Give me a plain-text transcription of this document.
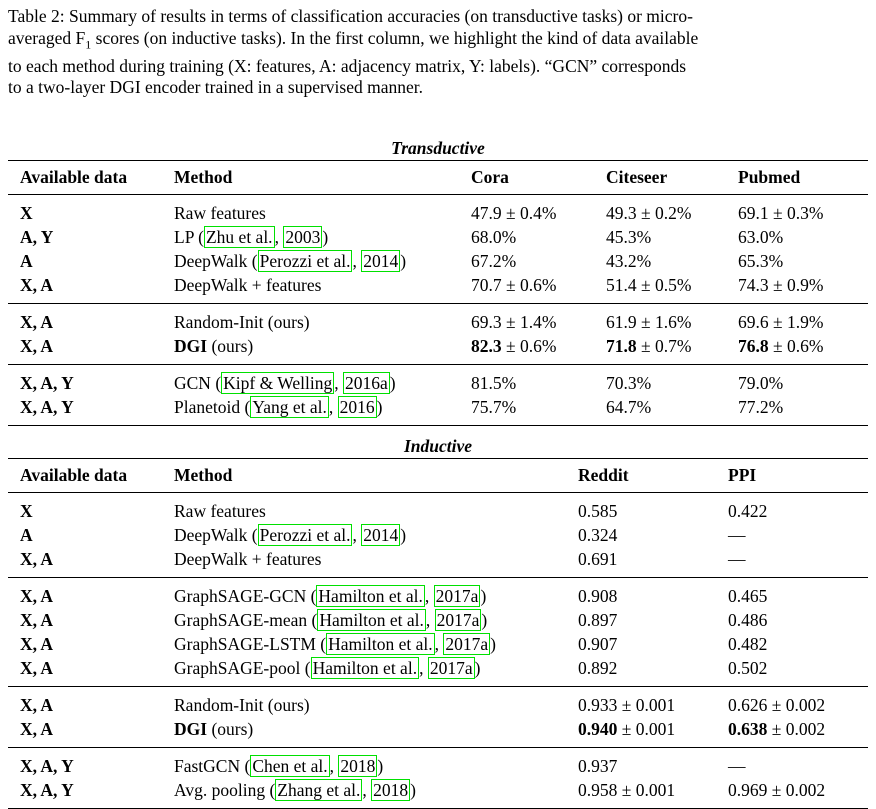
Table 2: Summary of results in terms of classification accuracies (on transductive tasks) or micro-
averaged $F_1$ scores (on inductive tasks). In the first column, we highlight the kind of data available
to each method during training (X: features, A: adjacency matrix, Y: labels). “GCN” corresponds
to a two-layer DGI encoder trained in a supervised manner.
Transductive
Available data	Method	Cora	Citeseer	Pubmed
X	Raw features	47.9 ± 0.4%	49.3 ± 0.2%	69.1 ± 0.3%
A, Y	LP ( Zhu et al. , 2003 )	68.0%	45.3%	63.0%
A	DeepWalk ( Perozzi et al. , 2014 )	67.2%	43.2%	65.3%
X, A	DeepWalk + features	70.7 ± 0.6%	51.4 ± 0.5%	74.3 ± 0.9%
X, A	Random-Init (ours)	69.3 ± 1.4%	61.9 ± 1.6%	69.6 ± 1.9%
X, A	DGI (ours)	82.3 ± 0.6%	71.8 ± 0.7%	76.8 ± 0.6%
X, A, Y	GCN ( Kipf & Welling , 2016a )	81.5%	70.3%	79.0%
X, A, Y	Planetoid ( Yang et al. , 2016 )	75.7%	64.7%	77.2%
Inductive
Available data	Method	Reddit	PPI
X	Raw features	0.585	0.422
A	DeepWalk ( Perozzi et al. , 2014 )	0.324	—
X, A	DeepWalk + features	0.691	—
X, A	GraphSAGE-GCN ( Hamilton et al. , 2017a )	0.908	0.465
X, A	GraphSAGE-mean ( Hamilton et al. , 2017a )	0.897	0.486
X, A	GraphSAGE-LSTM ( Hamilton et al. , 2017a )	0.907	0.482
X, A	GraphSAGE-pool ( Hamilton et al. , 2017a )	0.892	0.502
X, A	Random-Init (ours)	0.933 ± 0.001	0.626 ± 0.002
X, A	DGI (ours)	0.940 ± 0.001	0.638 ± 0.002
X, A, Y	FastGCN ( Chen et al. , 2018 )	0.937	—
X, A, Y	Avg. pooling ( Zhang et al. , 2018 )	0.958 ± 0.001	0.969 ± 0.002
